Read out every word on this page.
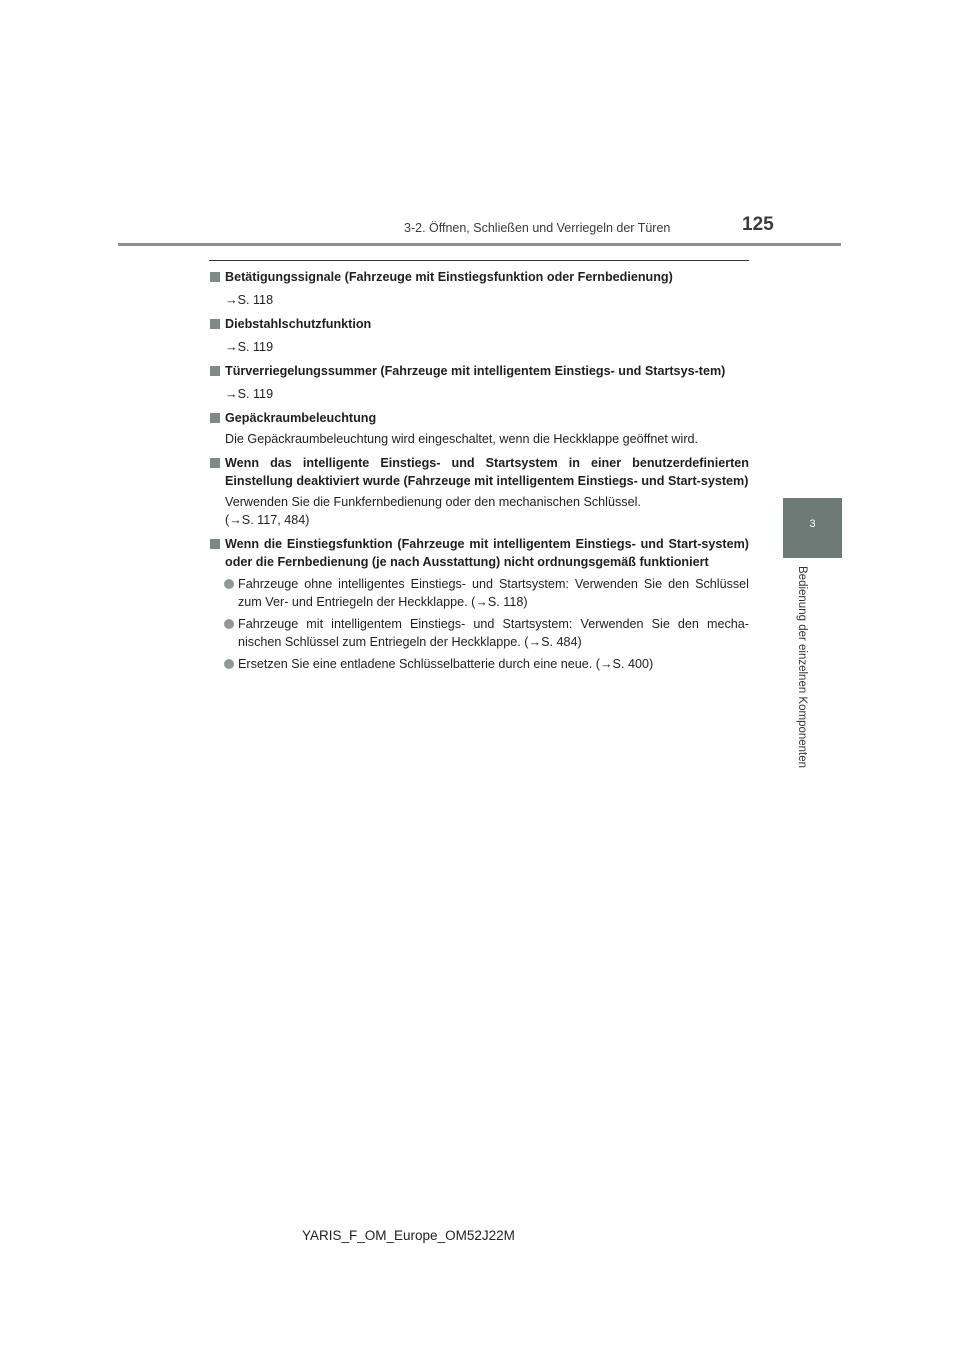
3-2. Öffnen, Schließen und Verriegeln der Türen	125
3
Bedienung der einzelnen Komponenten
Betätigungssignale (Fahrzeuge mit Einstiegsfunktion oder Fernbedienung)
→S. 118
Diebstahlschutzfunktion
→S. 119
Türverriegelungssummer (Fahrzeuge mit intelligentem Einstiegs- und Startsys-tem)
→S. 119
Gepäckraumbeleuchtung
Die Gepäckraumbeleuchtung wird eingeschaltet, wenn die Heckklappe geöffnet wird.
Wenn das intelligente Einstiegs- und Startsystem in einer benutzerdefinierten Einstellung deaktiviert wurde (Fahrzeuge mit intelligentem Einstiegs- und Start-system)
Verwenden Sie die Funkfernbedienung oder den mechanischen Schlüssel.
(→S. 117, 484)
Wenn die Einstiegsfunktion (Fahrzeuge mit intelligentem Einstiegs- und Start-system) oder die Fernbedienung (je nach Ausstattung) nicht ordnungsgemäß funktioniert
Fahrzeuge ohne intelligentes Einstiegs- und Startsystem: Verwenden Sie den Schlüssel zum Ver- und Entriegeln der Heckklappe. (→S. 118)
Fahrzeuge mit intelligentem Einstiegs- und Startsystem: Verwenden Sie den mecha-nischen Schlüssel zum Entriegeln der Heckklappe. (→S. 484)
Ersetzen Sie eine entladene Schlüsselbatterie durch eine neue. (→S. 400)
YARIS_F_OM_Europe_OM52J22M
